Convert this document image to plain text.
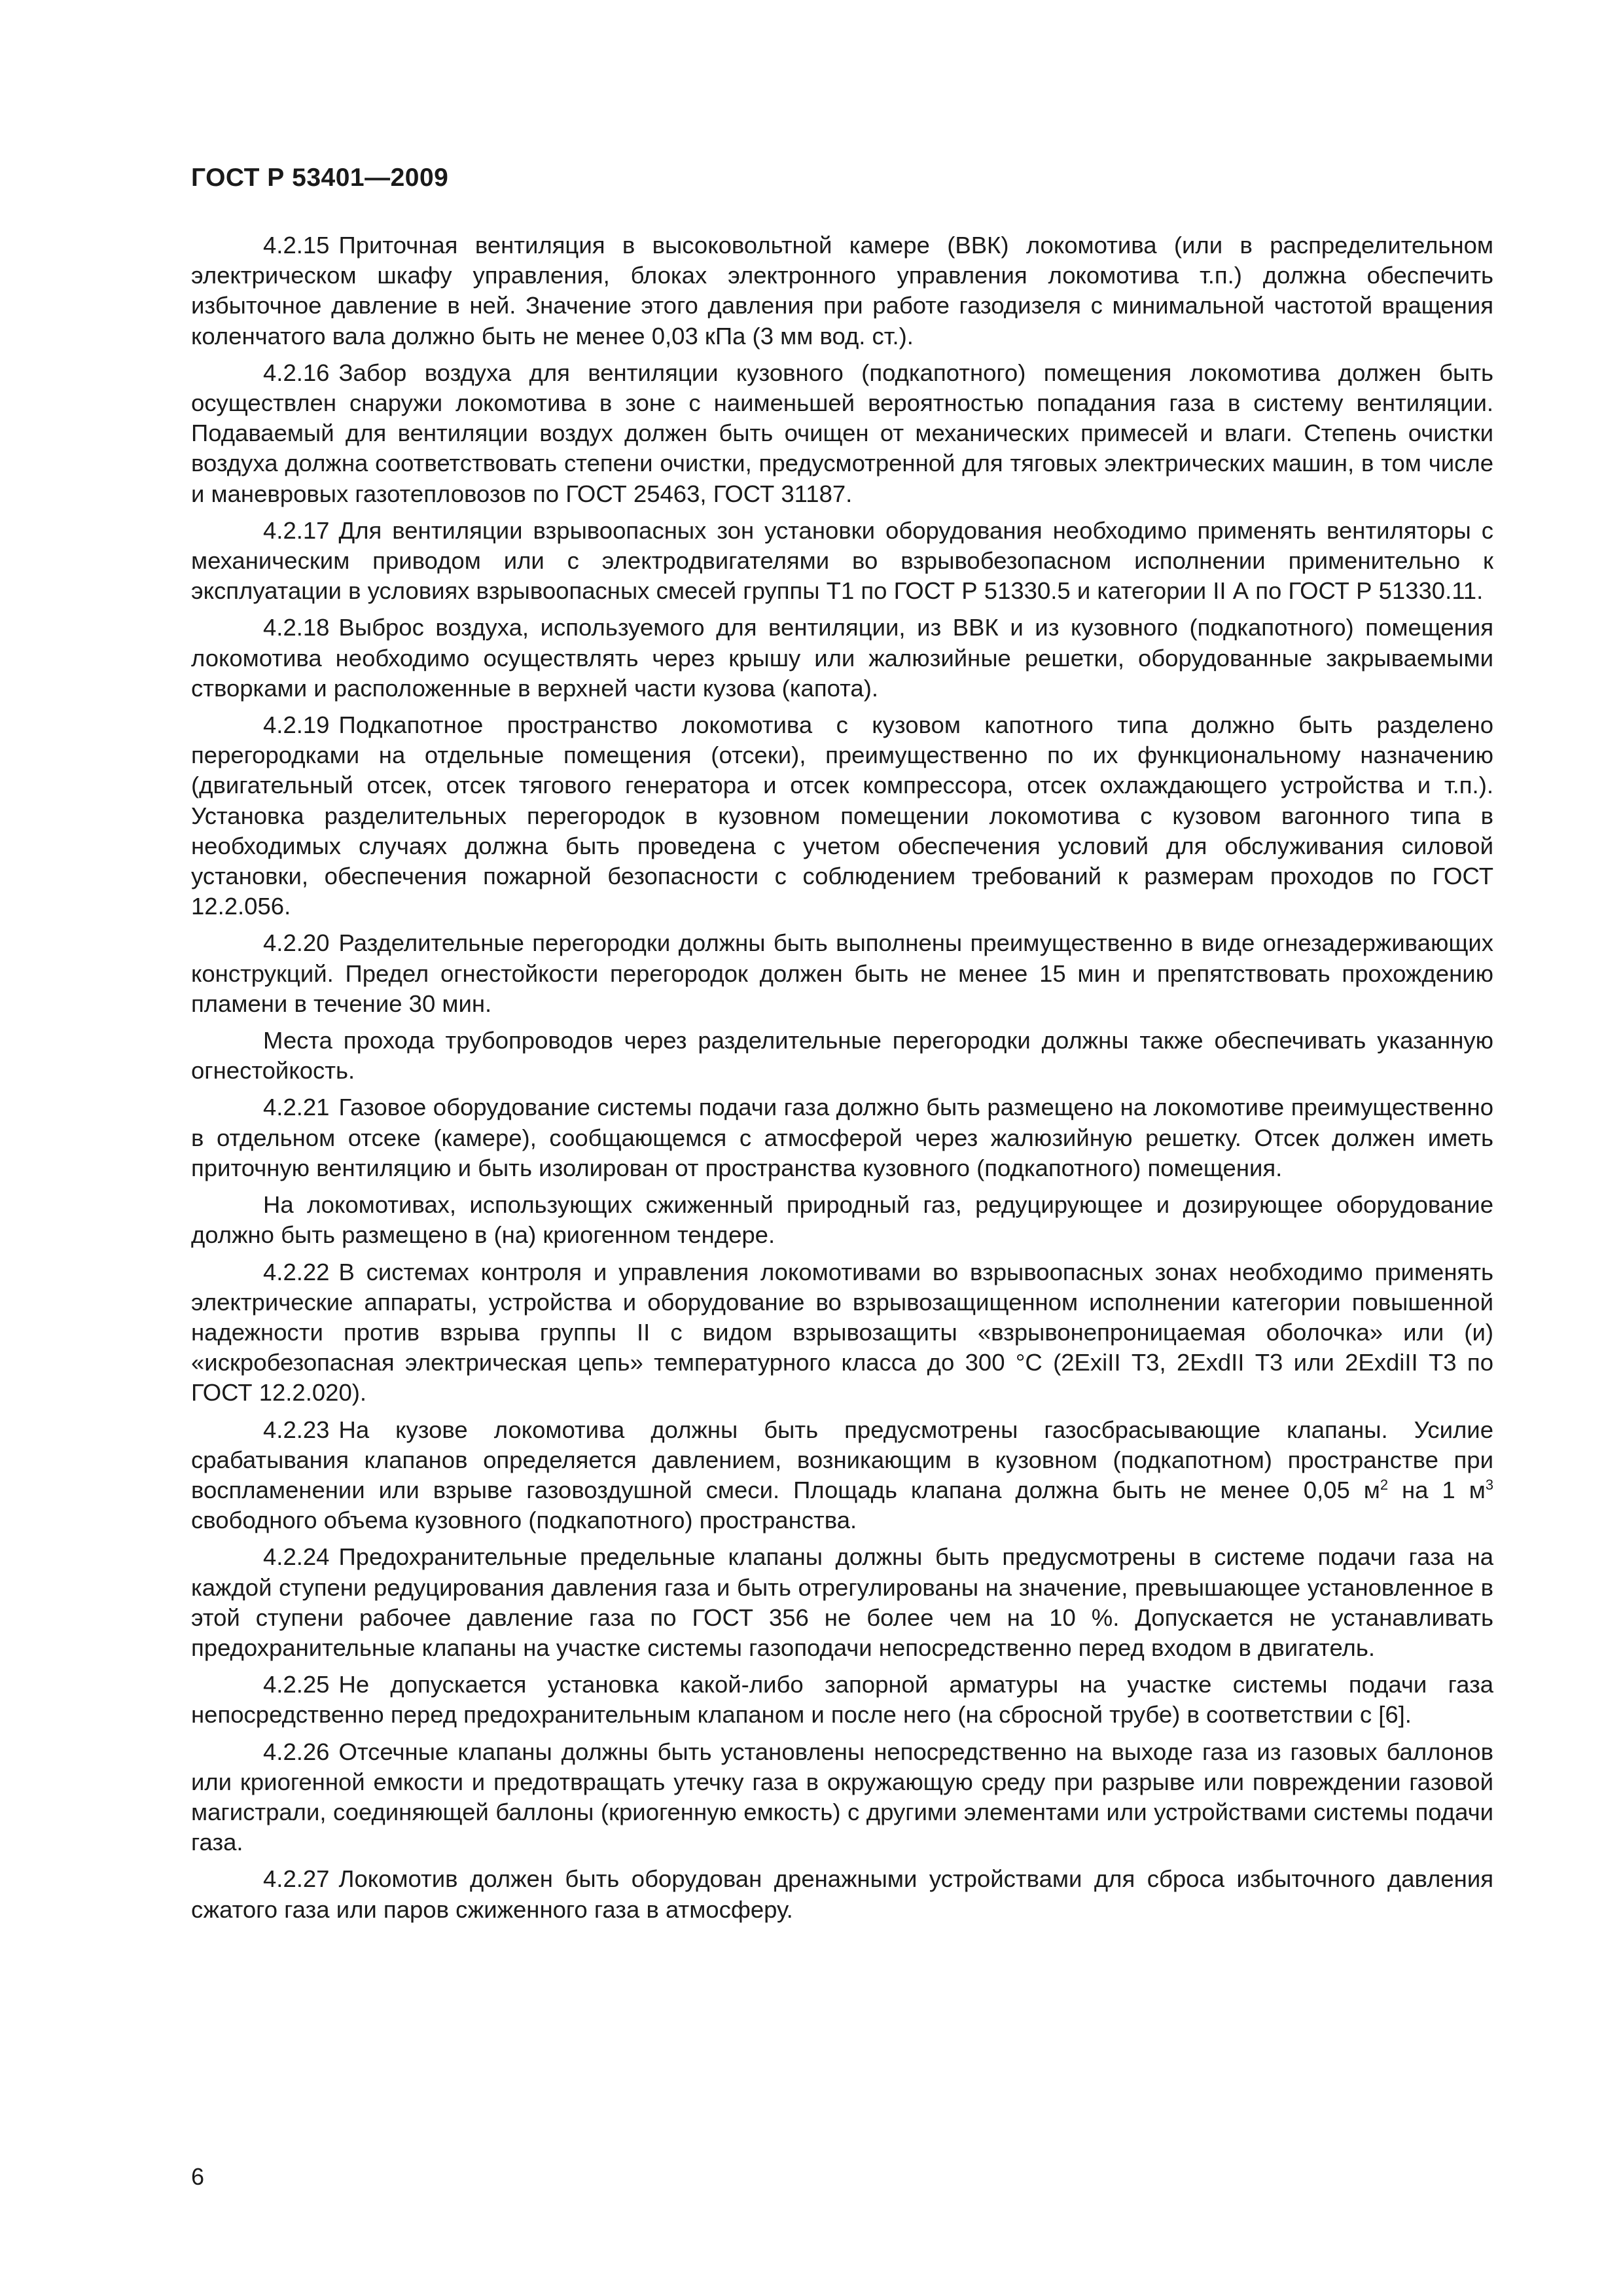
ГОСТ Р 53401—2009

4.2.15 Приточная вентиляция в высоковольтной камере (ВВК) локомотива (или в распределительном электрическом шкафу управления, блоках электронного управления локомотива т.п.) должна обеспечить избыточное давление в ней. Значение этого давления при работе газодизеля с минимальной частотой вращения коленчатого вала должно быть не менее 0,03 кПа (3 мм вод. ст.).

4.2.16 Забор воздуха для вентиляции кузовного (подкапотного) помещения локомотива должен быть осуществлен снаружи локомотива в зоне с наименьшей вероятностью попадания газа в систему вентиляции. Подаваемый для вентиляции воздух должен быть очищен от механических примесей и влаги. Степень очистки воздуха должна соответствовать степени очистки, предусмотренной для тяговых электрических машин, в том числе и маневровых газотепловозов по ГОСТ 25463, ГОСТ 31187.

4.2.17 Для вентиляции взрывоопасных зон установки оборудования необходимо применять вентиляторы с механическим приводом или с электродвигателями во взрывобезопасном исполнении применительно к эксплуатации в условиях взрывоопасных смесей группы Т1 по ГОСТ Р 51330.5 и категории II А по ГОСТ Р 51330.11.

4.2.18 Выброс воздуха, используемого для вентиляции, из ВВК и из кузовного (подкапотного) помещения локомотива необходимо осуществлять через крышу или жалюзийные решетки, оборудованные закрываемыми створками и расположенные в верхней части кузова (капота).

4.2.19 Подкапотное пространство локомотива с кузовом капотного типа должно быть разделено перегородками на отдельные помещения (отсеки), преимущественно по их функциональному назначению (двигательный отсек, отсек тягового генератора и отсек компрессора, отсек охлаждающего устройства и т.п.). Установка разделительных перегородок в кузовном помещении локомотива с кузовом вагонного типа в необходимых случаях должна быть проведена с учетом обеспечения условий для обслуживания силовой установки, обеспечения пожарной безопасности с соблюдением требований к размерам проходов по ГОСТ 12.2.056.

4.2.20 Разделительные перегородки должны быть выполнены преимущественно в виде огнезадерживающих конструкций. Предел огнестойкости перегородок должен быть не менее 15 мин и препятствовать прохождению пламени в течение 30 мин.

Места прохода трубопроводов через разделительные перегородки должны также обеспечивать указанную огнестойкость.

4.2.21 Газовое оборудование системы подачи газа должно быть размещено на локомотиве преимущественно в отдельном отсеке (камере), сообщающемся с атмосферой через жалюзийную решетку. Отсек должен иметь приточную вентиляцию и быть изолирован от пространства кузовного (подкапотного) помещения.

На локомотивах, использующих сжиженный природный газ, редуцирующее и дозирующее оборудование должно быть размещено в (на) криогенном тендере.

4.2.22 В системах контроля и управления локомотивами во взрывоопасных зонах необходимо применять электрические аппараты, устройства и оборудование во взрывозащищенном исполнении категории повышенной надежности против взрыва группы II с видом взрывозащиты «взрывонепроницаемая оболочка» или (и) «искробезопасная электрическая цепь» температурного класса до 300 °С (2ExiII Т3, 2ExdII Т3 или 2ExdiII Т3 по ГОСТ 12.2.020).

4.2.23 На кузове локомотива должны быть предусмотрены газосбрасывающие клапаны. Усилие срабатывания клапанов определяется давлением, возникающим в кузовном (подкапотном) пространстве при воспламенении или взрыве газовоздушной смеси. Площадь клапана должна быть не менее 0,05 $м^2$ на 1 $м^3$ свободного объема кузовного (подкапотного) пространства.

4.2.24 Предохранительные предельные клапаны должны быть предусмотрены в системе подачи газа на каждой ступени редуцирования давления газа и быть отрегулированы на значение, превышающее установленное в этой ступени рабочее давление газа по ГОСТ 356 не более чем на 10 %. Допускается не устанавливать предохранительные клапаны на участке системы газоподачи непосредственно перед входом в двигатель.

4.2.25 Не допускается установка какой-либо запорной арматуры на участке системы подачи газа непосредственно перед предохранительным клапаном и после него (на сбросной трубе) в соответствии с [6].

4.2.26 Отсечные клапаны должны быть установлены непосредственно на выходе газа из газовых баллонов или криогенной емкости и предотвращать утечку газа в окружающую среду при разрыве или повреждении газовой магистрали, соединяющей баллоны (криогенную емкость) с другими элементами или устройствами системы подачи газа.

4.2.27 Локомотив должен быть оборудован дренажными устройствами для сброса избыточного давления сжатого газа или паров сжиженного газа в атмосферу.

6
